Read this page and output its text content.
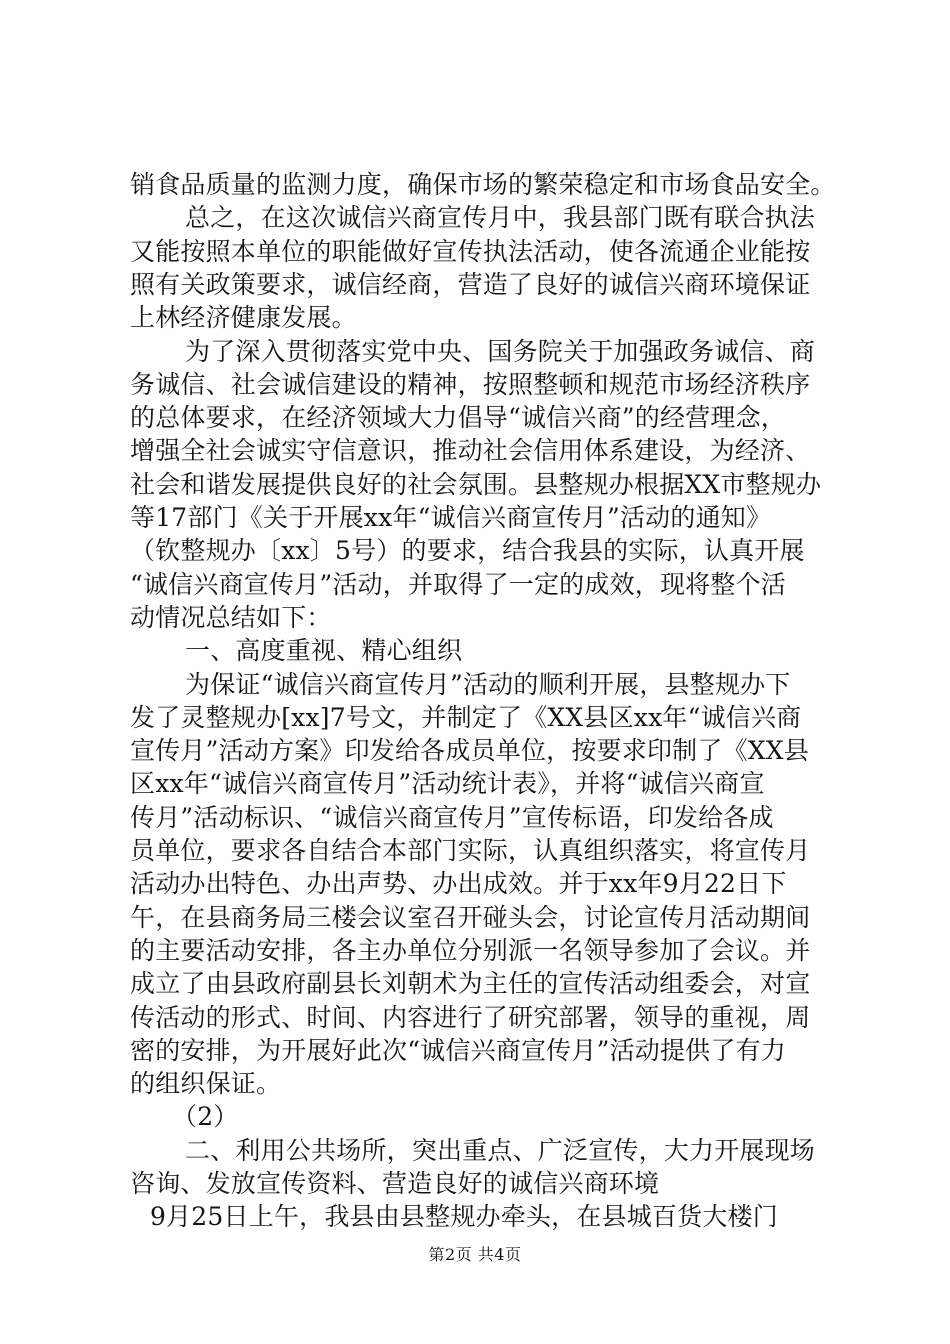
销食品质量的监测力度，确保市场的繁荣稳定和市场食品安全。
总之，在这次诚信兴商宣传月中，我县部门既有联合执法
又能按照本单位的职能做好宣传执法活动，使各流通企业能按
照有关政策要求，诚信经商，营造了良好的诚信兴商环境保证
上林经济健康发展。
为了深入贯彻落实党中央、国务院关于加强政务诚信、商
务诚信、社会诚信建设的精神，按照整顿和规范市场经济秩序
的总体要求，在经济领域大力倡导“诚信兴商”的经营理念，
增强全社会诚实守信意识，推动社会信用体系建设，为经济、
社会和谐发展提供良好的社会氛围。县整规办根据XX市整规办
等17部门《关于开展xx年“诚信兴商宣传月”活动的通知》
（钦整规办〔xx〕5号）的要求，结合我县的实际，认真开展
“诚信兴商宣传月”活动，并取得了一定的成效，现将整个活
动情况总结如下：
一、高度重视、精心组织
为保证“诚信兴商宣传月”活动的顺利开展，县整规办下
发了灵整规办[xx]7号文，并制定了《XX县区xx年“诚信兴商
宣传月”活动方案》印发给各成员单位，按要求印制了《XX县
区xx年“诚信兴商宣传月”活动统计表》，并将“诚信兴商宣
传月”活动标识、“诚信兴商宣传月”宣传标语，印发给各成
员单位，要求各自结合本部门实际，认真组织落实，将宣传月
活动办出特色、办出声势、办出成效。并于xx年9月22日下
午，在县商务局三楼会议室召开碰头会，讨论宣传月活动期间
的主要活动安排，各主办单位分别派一名领导参加了会议。并
成立了由县政府副县长刘朝术为主任的宣传活动组委会，对宣
传活动的形式、时间、内容进行了研究部署，领导的重视，周
密的安排，为开展好此次“诚信兴商宣传月”活动提供了有力
的组织保证。
（2）
二、利用公共场所，突出重点、广泛宣传，大力开展现场
咨询、发放宣传资料、营造良好的诚信兴商环境
9月25日上午，我县由县整规办牵头，在县城百货大楼门
第2页 共4页
